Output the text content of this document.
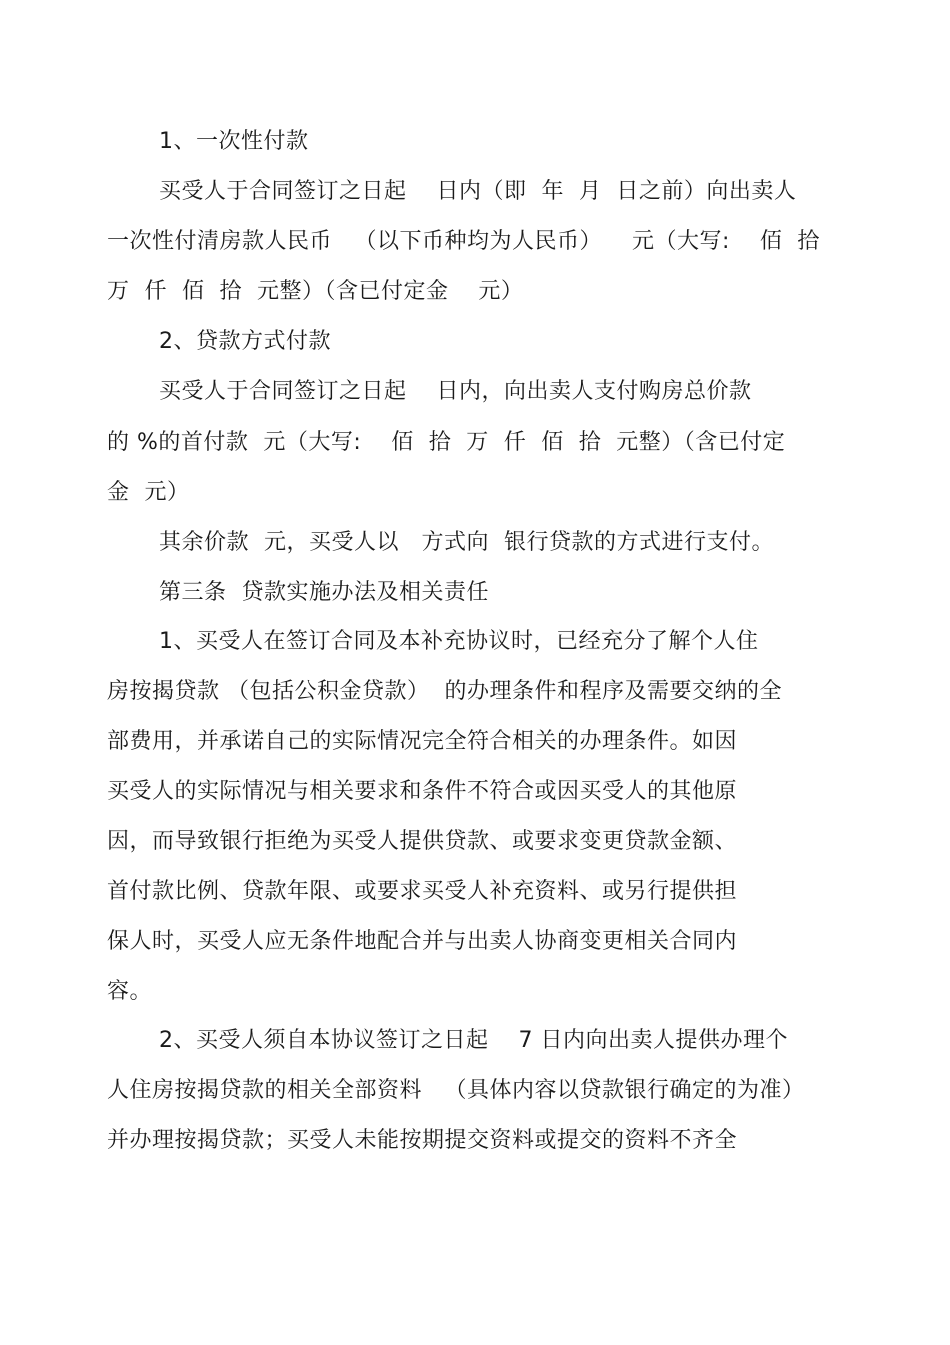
1、一次性付款
买受人于合同签订之日起    日内（即  年  月  日之前）向出卖人
一次性付清房款人民币   （以下币种均为人民币）    元（大写:    佰  拾
万  仟  佰  拾  元整）（含已付定金    元）
2、贷款方式付款
买受人于合同签订之日起    日内，向出卖人支付购房总价款
的 %的首付款  元（大写:    佰  拾  万  仟  佰  拾  元整）（含已付定
金  元）
其余价款  元，买受人以   方式向  银行贷款的方式进行支付。
第三条  贷款实施办法及相关责任
1、买受人在签订合同及本补充协议时，已经充分了解个人住
房按揭贷款 （包括公积金贷款）  的办理条件和程序及需要交纳的全
部费用，并承诺自己的实际情况完全符合相关的办理条件。如因
买受人的实际情况与相关要求和条件不符合或因买受人的其他原
因，而导致银行拒绝为买受人提供贷款、或要求变更贷款金额、
首付款比例、贷款年限、或要求买受人补充资料、或另行提供担
保人时，买受人应无条件地配合并与出卖人协商变更相关合同内
容。
2、买受人须自本协议签订之日起    7 日内向出卖人提供办理个
人住房按揭贷款的相关全部资料   （具体内容以贷款银行确定的为准）
并办理按揭贷款；买受人未能按期提交资料或提交的资料不齐全
